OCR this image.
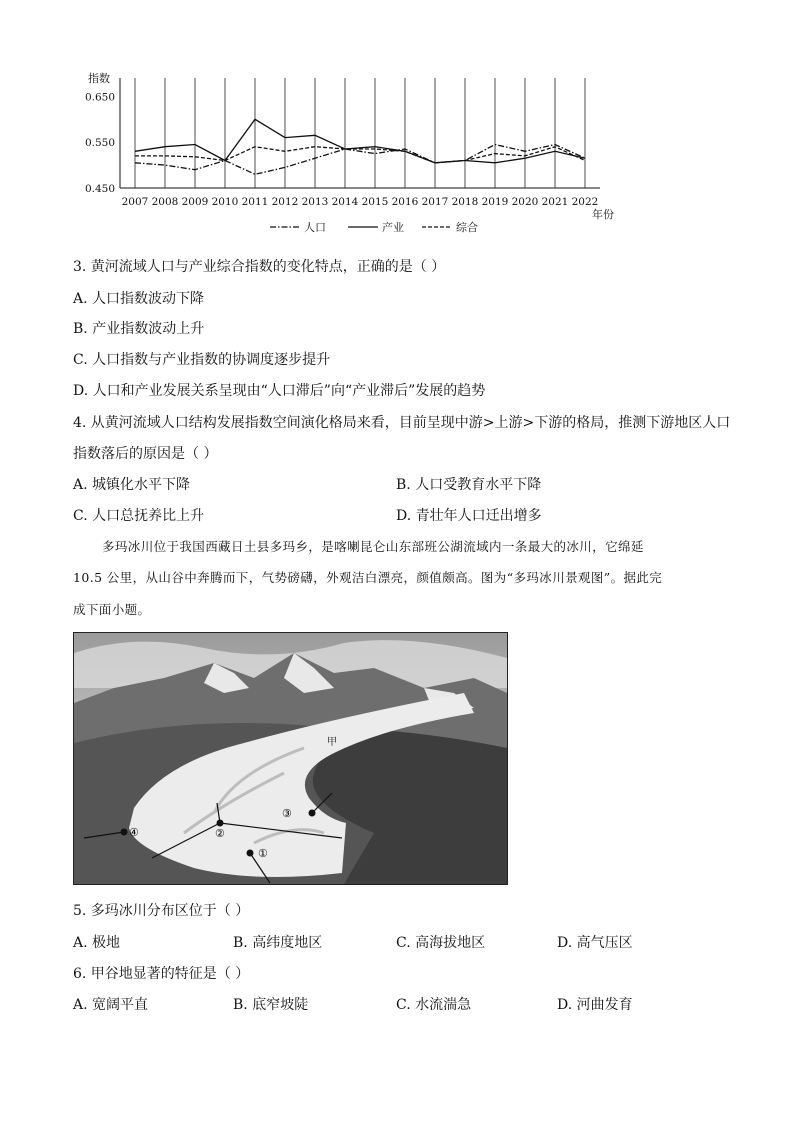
2007 2008 2009 2010 2011 2012 2013 2014 2015 2016 2017 2018 2019 2020 2021 2022
0.650
0.550
0.450
指数
年份
人口	产业	综合
3. 黄河流域人口与产业综合指数的变化特点，正确的是（ ）
A. 人口指数波动下降
B. 产业指数波动上升
C. 人口指数与产业指数的协调度逐步提升
D. 人口和产业发展关系呈现由“人口滞后”向“产业滞后”发展的趋势
4. 从黄河流域人口结构发展指数空间演化格局来看，目前呈现中游>上游>下游的格局，推测下游地区人口
指数落后的原因是（ ）
A. 城镇化水平下降	B. 人口受教育水平下降
C. 人口总抚养比上升	D. 青壮年人口迁出增多
多玛冰川位于我国西藏日土县多玛乡，是喀喇昆仑山东部班公湖流域内一条最大的冰川，它绵延
10.5 公里，从山谷中奔腾而下，气势磅礴，外观洁白漂亮，颜值颇高。图为“多玛冰川景观图”。据此完
成下面小题。
甲
①
②
③
④
5. 多玛冰川分布区位于（ ）
A. 极地	B. 高纬度地区	C. 高海拔地区	D. 高气压区
6. 甲谷地显著的特征是（ ）
A. 宽阔平直	B. 底窄坡陡	C. 水流湍急	D. 河曲发育
